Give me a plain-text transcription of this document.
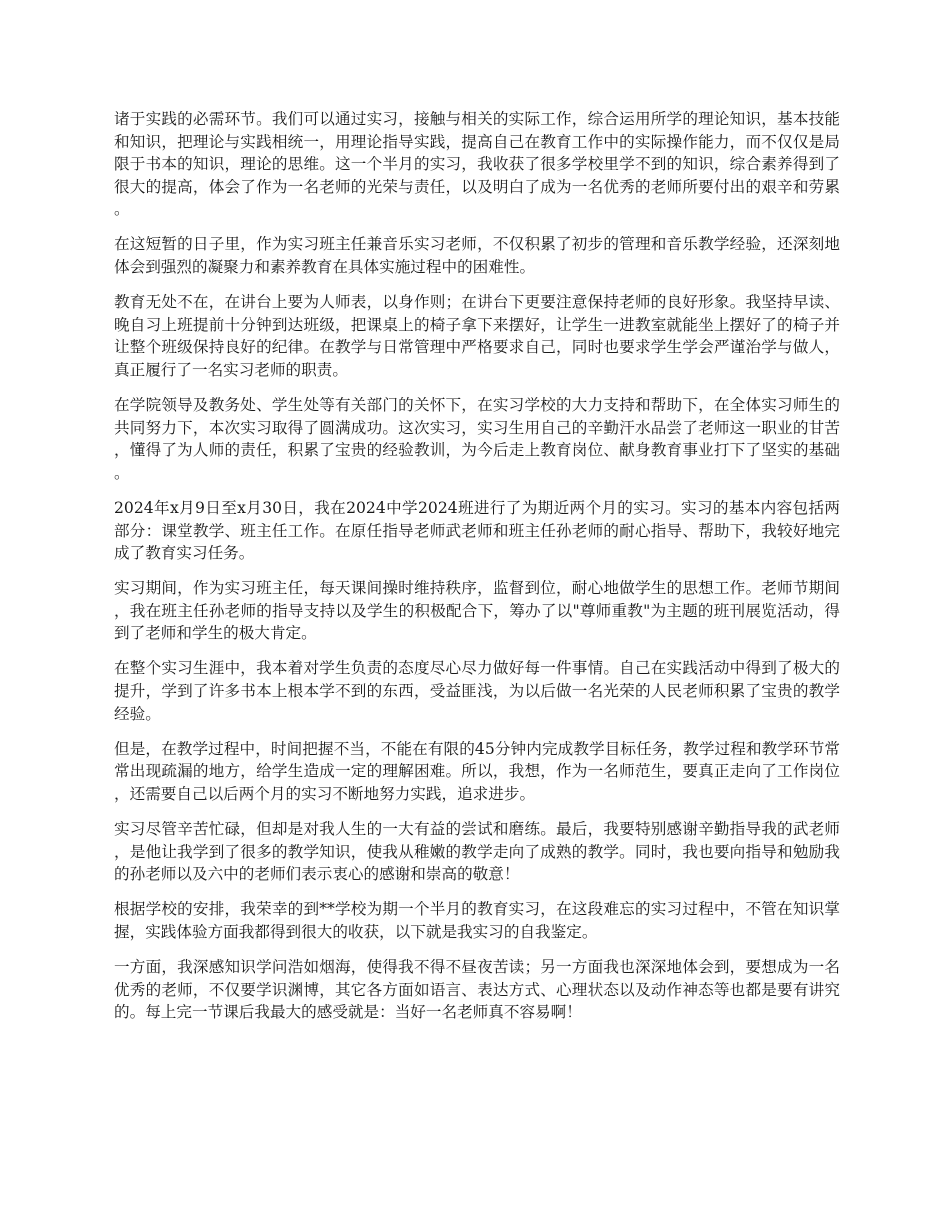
诸于实践的必需环节。我们可以通过实习，接触与相关的实际工作，综合运用所学的理论知识，基本技能和知识，把理论与实践相统一，用理论指导实践，提高自己在教育工作中的实际操作能力，而不仅仅是局限于书本的知识，理论的思维。这一个半月的实习，我收获了很多学校里学不到的知识，综合素养得到了很大的提高，体会了作为一名老师的光荣与责任，以及明白了成为一名优秀的老师所要付出的艰辛和劳累。

在这短暂的日子里，作为实习班主任兼音乐实习老师，不仅积累了初步的管理和音乐教学经验，还深刻地体会到强烈的凝聚力和素养教育在具体实施过程中的困难性。

教育无处不在，在讲台上要为人师表，以身作则；在讲台下更要注意保持老师的良好形象。我坚持早读、晚自习上班提前十分钟到达班级，把课桌上的椅子拿下来摆好，让学生一进教室就能坐上摆好了的椅子并让整个班级保持良好的纪律。在教学与日常管理中严格要求自己，同时也要求学生学会严谨治学与做人，真正履行了一名实习老师的职责。

在学院领导及教务处、学生处等有关部门的关怀下，在实习学校的大力支持和帮助下，在全体实习师生的共同努力下，本次实习取得了圆满成功。这次实习，实习生用自己的辛勤汗水品尝了老师这一职业的甘苦，懂得了为人师的责任，积累了宝贵的经验教训，为今后走上教育岗位、献身教育事业打下了坚实的基础。

2024年x月9日至x月30日，我在2024中学2024班进行了为期近两个月的实习。实习的基本内容包括两部分：课堂教学、班主任工作。在原任指导老师武老师和班主任孙老师的耐心指导、帮助下，我较好地完成了教育实习任务。

实习期间，作为实习班主任，每天课间操时维持秩序，监督到位，耐心地做学生的思想工作。老师节期间，我在班主任孙老师的指导支持以及学生的积极配合下，筹办了以"尊师重教"为主题的班刊展览活动，得到了老师和学生的极大肯定。

在整个实习生涯中，我本着对学生负责的态度尽心尽力做好每一件事情。自己在实践活动中得到了极大的提升，学到了许多书本上根本学不到的东西，受益匪浅，为以后做一名光荣的人民老师积累了宝贵的教学经验。

但是，在教学过程中，时间把握不当，不能在有限的45分钟内完成教学目标任务，教学过程和教学环节常常出现疏漏的地方，给学生造成一定的理解困难。所以，我想，作为一名师范生，要真正走向了工作岗位，还需要自己以后两个月的实习不断地努力实践，追求进步。

实习尽管辛苦忙碌，但却是对我人生的一大有益的尝试和磨练。最后，我要特别感谢辛勤指导我的武老师，是他让我学到了很多的教学知识，使我从稚嫩的教学走向了成熟的教学。同时，我也要向指导和勉励我的孙老师以及六中的老师们表示衷心的感谢和崇高的敬意！

根据学校的安排，我荣幸的到**学校为期一个半月的教育实习，在这段难忘的实习过程中，不管在知识掌握，实践体验方面我都得到很大的收获，以下就是我实习的自我鉴定。

一方面，我深感知识学问浩如烟海，使得我不得不昼夜苦读；另一方面我也深深地体会到，要想成为一名优秀的老师，不仅要学识渊博，其它各方面如语言、表达方式、心理状态以及动作神态等也都是要有讲究的。每上完一节课后我最大的感受就是：当好一名老师真不容易啊！
